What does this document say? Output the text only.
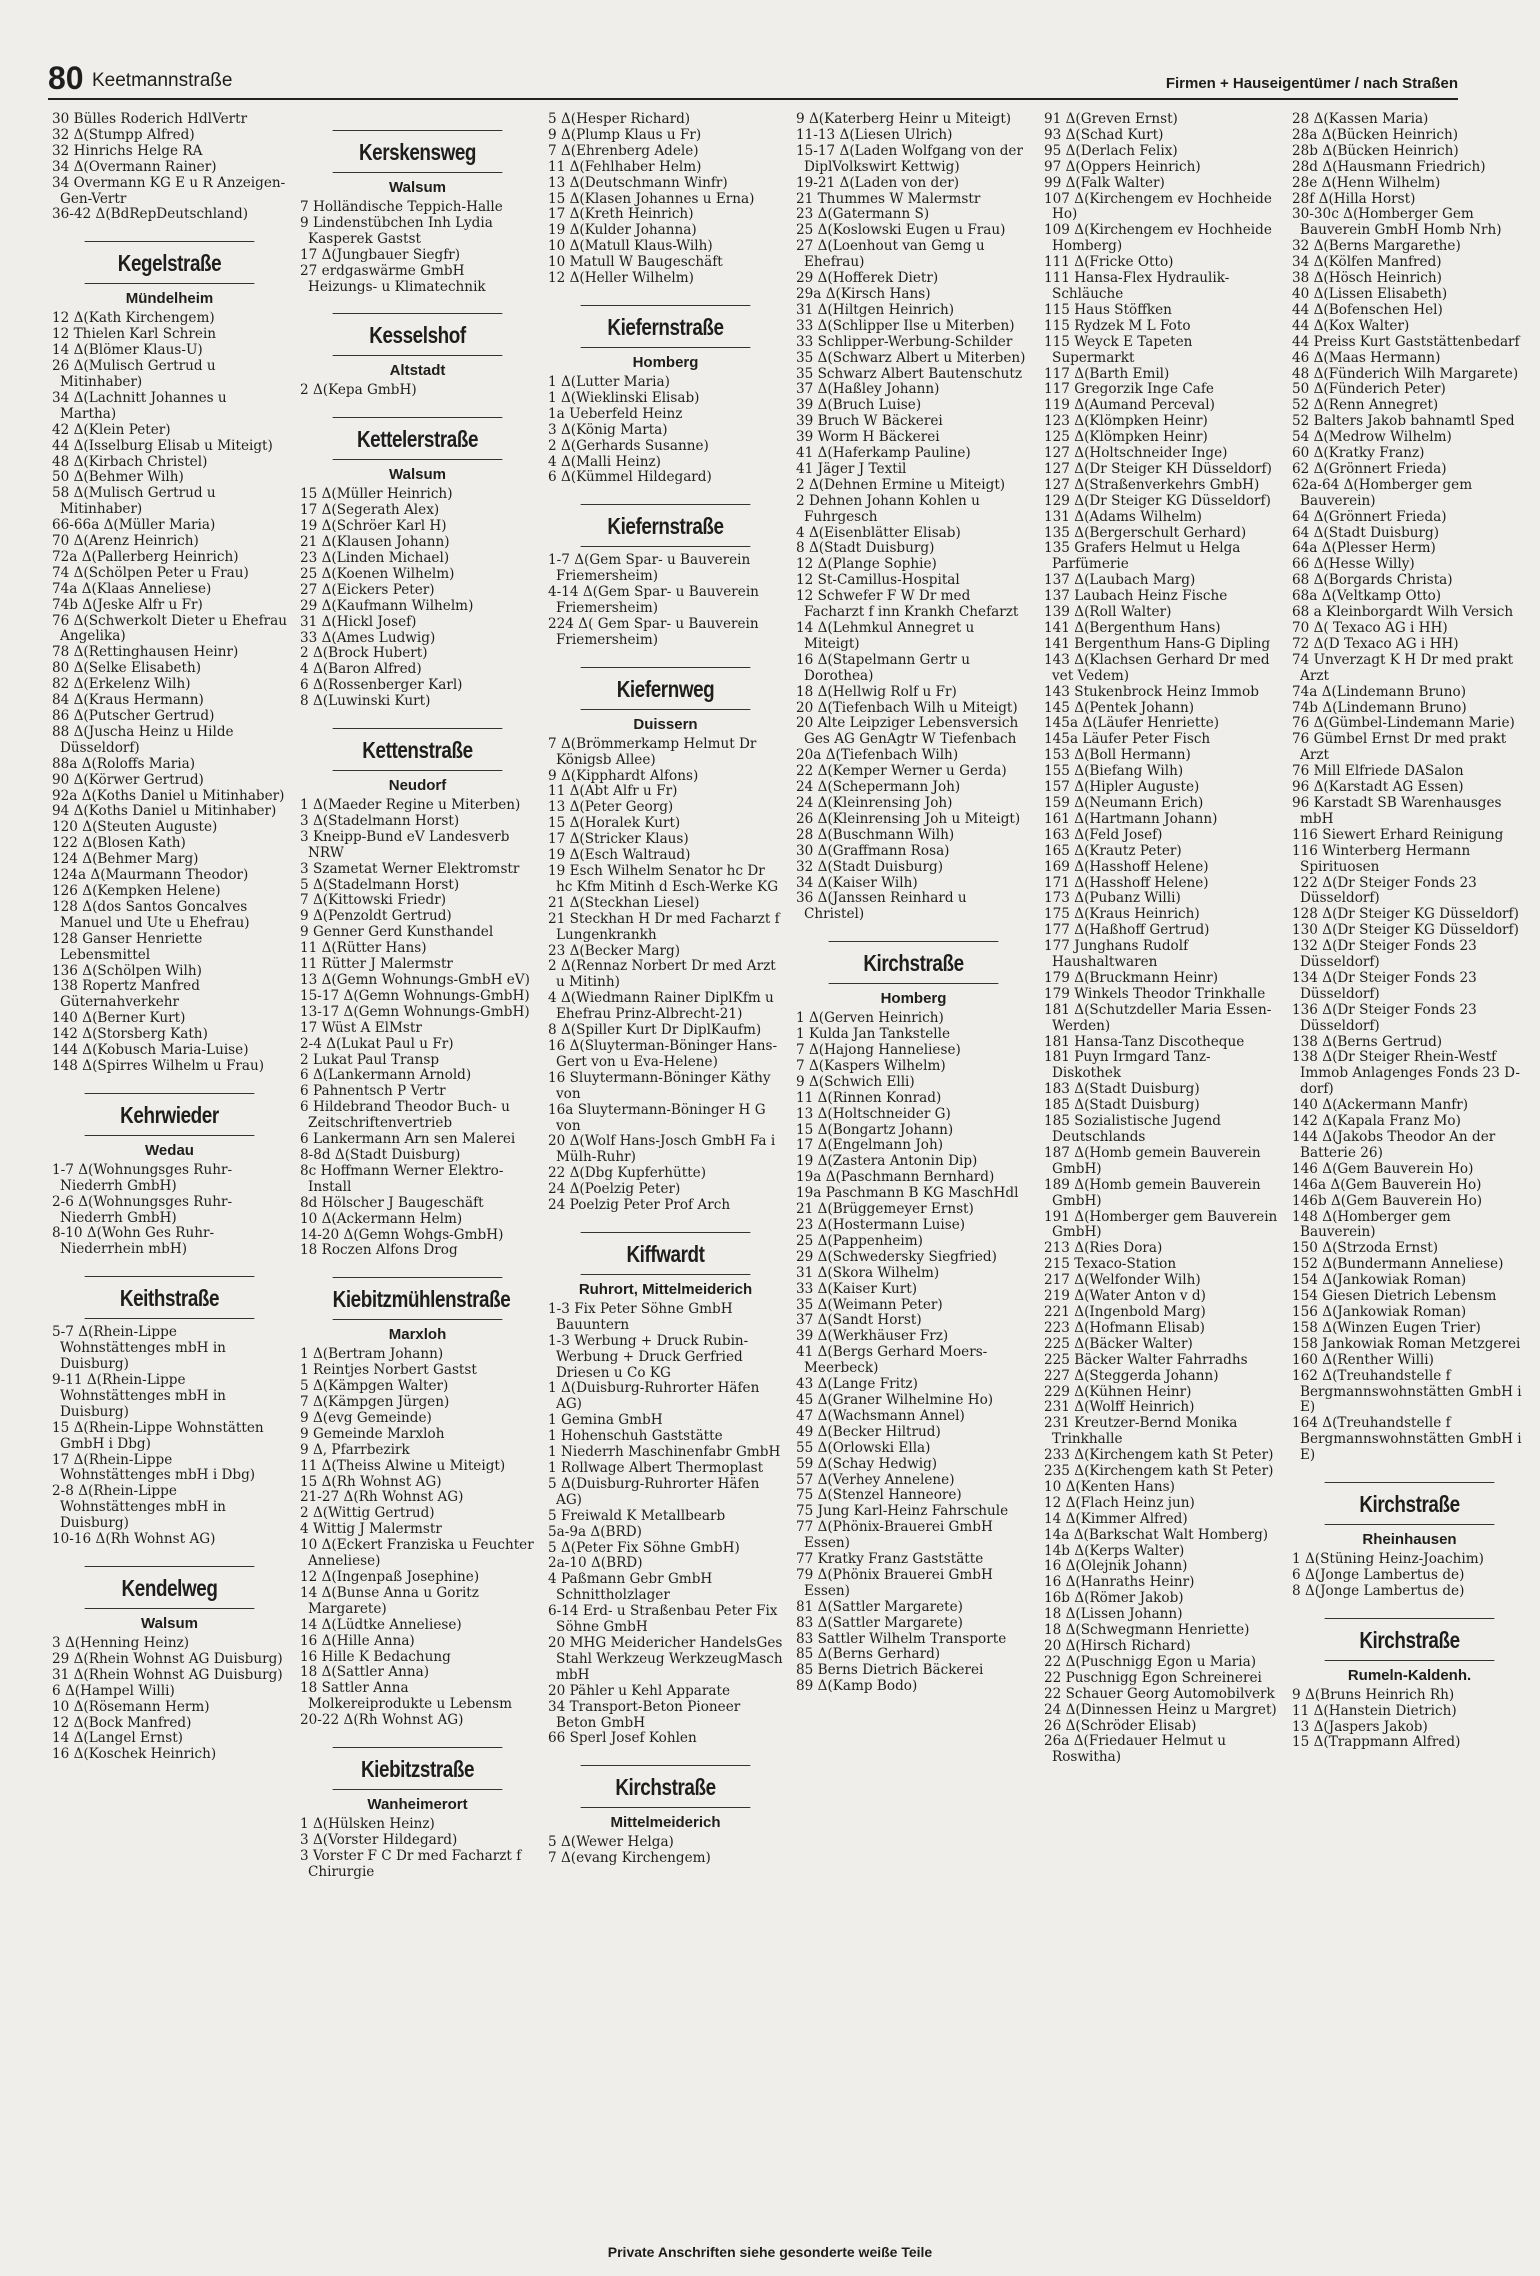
80 Keetmannstraße	Firmen + Hauseigentümer / nach Straßen
30 Bülles Roderich HdlVertr
32 Δ(Stumpp Alfred)
32 Hinrichs Helge RA
34 Δ(Overmann Rainer)
34 Overmann KG E u R Anzeigen-Gen-Vertr
36-42 Δ(BdRepDeutschland)
Kegelstraße
Mündelheim
12 Δ(Kath Kirchengem)
12 Thielen Karl Schrein
14 Δ(Blömer Klaus-U)
26 Δ(Mulisch Gertrud u Mitinhaber)
34 Δ(Lachnitt Johannes u Martha)
42 Δ(Klein Peter)
44 Δ(Isselburg Elisab u Miteigt)
48 Δ(Kirbach Christel)
50 Δ(Behmer Wilh)
58 Δ(Mulisch Gertrud u Mitinhaber)
66-66a Δ(Müller Maria)
70 Δ(Arenz Heinrich)
72a Δ(Pallerberg Heinrich)
74 Δ(Schölpen Peter u Frau)
74a Δ(Klaas Anneliese)
74b Δ(Jeske Alfr u Fr)
76 Δ(Schwerkolt Dieter u Ehefrau Angelika)
78 Δ(Rettinghausen Heinr)
80 Δ(Selke Elisabeth)
82 Δ(Erkelenz Wilh)
84 Δ(Kraus Hermann)
86 Δ(Putscher Gertrud)
88 Δ(Juscha Heinz u Hilde Düsseldorf)
88a Δ(Roloffs Maria)
90 Δ(Körwer Gertrud)
92a Δ(Koths Daniel u Mitinhaber)
94 Δ(Koths Daniel u Mitinhaber)
120 Δ(Steuten Auguste)
122 Δ(Blosen Kath)
124 Δ(Behmer Marg)
124a Δ(Maurmann Theodor)
126 Δ(Kempken Helene)
128 Δ(dos Santos Goncalves Manuel und Ute u Ehefrau)
128 Ganser Henriette Lebensmittel
136 Δ(Schölpen Wilh)
138 Ropertz Manfred Güternahverkehr
140 Δ(Berner Kurt)
142 Δ(Storsberg Kath)
144 Δ(Kobusch Maria-Luise)
148 Δ(Spirres Wilhelm u Frau)
Kehrwieder
Wedau
1-7 Δ(Wohnungsges Ruhr-Niederrh GmbH)
2-6 Δ(Wohnungsges Ruhr-Niederrh GmbH)
8-10 Δ(Wohn Ges Ruhr-Niederrhein mbH)
Keithstraße
5-7 Δ(Rhein-Lippe Wohnstättenges mbH in Duisburg)
9-11 Δ(Rhein-Lippe Wohnstättenges mbH in Duisburg)
15 Δ(Rhein-Lippe Wohnstätten GmbH i Dbg)
17 Δ(Rhein-Lippe Wohnstättenges mbH i Dbg)
2-8 Δ(Rhein-Lippe Wohnstättenges mbH in Duisburg)
10-16 Δ(Rh Wohnst AG)
Kendelweg
Walsum
3 Δ(Henning Heinz)
29 Δ(Rhein Wohnst AG Duisburg)
31 Δ(Rhein Wohnst AG Duisburg)
6 Δ(Hampel Willi)
10 Δ(Rösemann Herm)
12 Δ(Bock Manfred)
14 Δ(Langel Ernst)
16 Δ(Koschek Heinrich)
Kerskensweg
Walsum
7 Holländische Teppich-Halle
9 Lindenstübchen Inh Lydia Kasperek Gastst
17 Δ(Jungbauer Siegfr)
27 erdgaswärme GmbH Heizungs- u Klimatechnik
Kesselshof
Altstadt
2 Δ(Kepa GmbH)
Kettelerstraße
Walsum
15 Δ(Müller Heinrich)
17 Δ(Segerath Alex)
19 Δ(Schröer Karl H)
21 Δ(Klausen Johann)
23 Δ(Linden Michael)
25 Δ(Koenen Wilhelm)
27 Δ(Eickers Peter)
29 Δ(Kaufmann Wilhelm)
31 Δ(Hickl Josef)
33 Δ(Ames Ludwig)
2 Δ(Brock Hubert)
4 Δ(Baron Alfred)
6 Δ(Rossenberger Karl)
8 Δ(Luwinski Kurt)
Kettenstraße
Neudorf
1 Δ(Maeder Regine u Miterben)
3 Δ(Stadelmann Horst)
3 Kneipp-Bund eV Landesverb NRW
3 Szametat Werner Elektromstr
5 Δ(Stadelmann Horst)
7 Δ(Kittowski Friedr)
9 Δ(Penzoldt Gertrud)
9 Genner Gerd Kunsthandel
11 Δ(Rütter Hans)
11 Rütter J Malermstr
13 Δ(Gemn Wohnungs-GmbH eV)
15-17 Δ(Gemn Wohnungs-GmbH)
13-17 Δ(Gemn Wohnungs-GmbH)
17 Wüst A ElMstr
2-4 Δ(Lukat Paul u Fr)
2 Lukat Paul Transp
6 Δ(Lankermann Arnold)
6 Pahnentsch P Vertr
6 Hildebrand Theodor Buch- u Zeitschriftenvertrieb
6 Lankermann Arn sen Malerei
8-8d Δ(Stadt Duisburg)
8c Hoffmann Werner Elektro-Install
8d Hölscher J Baugeschäft
10 Δ(Ackermann Helm)
14-20 Δ(Gemn Wohgs-GmbH)
18 Roczen Alfons Drog
Kiebitzmühlenstraße
Marxloh
1 Δ(Bertram Johann)
1 Reintjes Norbert Gastst
5 Δ(Kämpgen Walter)
7 Δ(Kämpgen Jürgen)
9 Δ(evg Gemeinde)
9 Gemeinde Marxloh
9 Δ, Pfarrbezirk
11 Δ(Theiss Alwine u Miteigt)
15 Δ(Rh Wohnst AG)
21-27 Δ(Rh Wohnst AG)
2 Δ(Wittig Gertrud)
4 Wittig J Malermstr
10 Δ(Eckert Franziska u Feuchter Anneliese)
12 Δ(Ingenpaß Josephine)
14 Δ(Bunse Anna u Goritz Margarete)
14 Δ(Lüdtke Anneliese)
16 Δ(Hille Anna)
16 Hille K Bedachung
18 Δ(Sattler Anna)
18 Sattler Anna Molkereiprodukte u Lebensm
20-22 Δ(Rh Wohnst AG)
Kiebitzstraße
Wanheimerort
1 Δ(Hülsken Heinz)
3 Δ(Vorster Hildegard)
3 Vorster F C Dr med Facharzt f Chirurgie
5 Δ(Hesper Richard)
9 Δ(Plump Klaus u Fr)
7 Δ(Ehrenberg Adele)
11 Δ(Fehlhaber Helm)
13 Δ(Deutschmann Winfr)
15 Δ(Klasen Johannes u Erna)
17 Δ(Kreth Heinrich)
19 Δ(Kulder Johanna)
10 Δ(Matull Klaus-Wilh)
10 Matull W Baugeschäft
12 Δ(Heller Wilhelm)
Kiefernstraße
Homberg
1 Δ(Lutter Maria)
1 Δ(Wieklinski Elisab)
1a Ueberfeld Heinz
3 Δ(König Marta)
2 Δ(Gerhards Susanne)
4 Δ(Malli Heinz)
6 Δ(Kümmel Hildegard)
Kiefernstraße
1-7 Δ(Gem Spar- u Bauverein Friemersheim)
4-14 Δ(Gem Spar- u Bauverein Friemersheim)
224 Δ( Gem Spar- u Bauverein Friemersheim)
Kiefernweg
Duissern
7 Δ(Brömmerkamp Helmut Dr Königsb Allee)
9 Δ(Kipphardt Alfons)
11 Δ(Abt Alfr u Fr)
13 Δ(Peter Georg)
15 Δ(Horalek Kurt)
17 Δ(Stricker Klaus)
19 Δ(Esch Waltraud)
19 Esch Wilhelm Senator hc Dr hc Kfm Mitinh d Esch-Werke KG
21 Δ(Steckhan Liesel)
21 Steckhan H Dr med Facharzt f Lungenkrankh
23 Δ(Becker Marg)
2 Δ(Rennaz Norbert Dr med Arzt u Mitinh)
4 Δ(Wiedmann Rainer DiplKfm u Ehefrau Prinz-Albrecht-21)
8 Δ(Spiller Kurt Dr DiplKaufm)
16 Δ(Sluyterman-Böninger Hans-Gert von u Eva-Helene)
16 Sluytermann-Böninger Käthy von
16a Sluytermann-Böninger H G von
20 Δ(Wolf Hans-Josch GmbH Fa i Mülh-Ruhr)
22 Δ(Dbg Kupferhütte)
24 Δ(Poelzig Peter)
24 Poelzig Peter Prof Arch
Kiffwardt
Ruhrort, Mittelmeiderich
1-3 Fix Peter Söhne GmbH Bauuntern
1-3 Werbung + Druck Rubin-Werbung + Druck Gerfried Driesen u Co KG
1 Δ(Duisburg-Ruhrorter Häfen AG)
1 Gemina GmbH
1 Hohenschuh Gaststätte
1 Niederrh Maschinenfabr GmbH
1 Rollwage Albert Thermoplast
5 Δ(Duisburg-Ruhrorter Häfen AG)
5 Freiwald K Metallbearb
5a-9a Δ(BRD)
5 Δ(Peter Fix Söhne GmbH)
2a-10 Δ(BRD)
4 Paßmann Gebr GmbH Schnittholzlager
6-14 Erd- u Straßenbau Peter Fix Söhne GmbH
20 MHG Meidericher HandelsGes Stahl Werkzeug WerkzeugMasch mbH
20 Pähler u Kehl Apparate
34 Transport-Beton Pioneer Beton GmbH
66 Sperl Josef Kohlen
Kirchstraße
Mittelmeiderich
5 Δ(Wewer Helga)
7 Δ(evang Kirchengem)
9 Δ(Katerberg Heinr u Miteigt)
11-13 Δ(Liesen Ulrich)
15-17 Δ(Laden Wolfgang von der DiplVolkswirt Kettwig)
19-21 Δ(Laden von der)
21 Thummes W Malermstr
23 Δ(Gatermann S)
25 Δ(Koslowski Eugen u Frau)
27 Δ(Loenhout van Gemg u Ehefrau)
29 Δ(Hofferek Dietr)
29a Δ(Kirsch Hans)
31 Δ(Hiltgen Heinrich)
33 Δ(Schlipper Ilse u Miterben)
33 Schlipper-Werbung-Schilder
35 Δ(Schwarz Albert u Miterben)
35 Schwarz Albert Bautenschutz
37 Δ(Haßley Johann)
39 Δ(Bruch Luise)
39 Bruch W Bäckerei
39 Worm H Bäckerei
41 Δ(Haferkamp Pauline)
41 Jäger J Textil
2 Δ(Dehnen Ermine u Miteigt)
2 Dehnen Johann Kohlen u Fuhrgesch
4 Δ(Eisenblätter Elisab)
8 Δ(Stadt Duisburg)
12 Δ(Plange Sophie)
12 St-Camillus-Hospital
12 Schwefer F W Dr med Facharzt f inn Krankh Chefarzt
14 Δ(Lehmkul Annegret u Miteigt)
16 Δ(Stapelmann Gertr u Dorothea)
18 Δ(Hellwig Rolf u Fr)
20 Δ(Tiefenbach Wilh u Miteigt)
20 Alte Leipziger Lebensversich Ges AG GenAgtr W Tiefenbach
20a Δ(Tiefenbach Wilh)
22 Δ(Kemper Werner u Gerda)
24 Δ(Schepermann Joh)
24 Δ(Kleinrensing Joh)
26 Δ(Kleinrensing Joh u Miteigt)
28 Δ(Buschmann Wilh)
30 Δ(Graffmann Rosa)
32 Δ(Stadt Duisburg)
34 Δ(Kaiser Wilh)
36 Δ(Janssen Reinhard u Christel)
Kirchstraße
Homberg
1 Δ(Gerven Heinrich)
1 Kulda Jan Tankstelle
7 Δ(Hajong Hanneliese)
7 Δ(Kaspers Wilhelm)
9 Δ(Schwich Elli)
11 Δ(Rinnen Konrad)
13 Δ(Holtschneider G)
15 Δ(Bongartz Johann)
17 Δ(Engelmann Joh)
19 Δ(Zastera Antonin Dip)
19a Δ(Paschmann Bernhard)
19a Paschmann B KG MaschHdl
21 Δ(Brüggemeyer Ernst)
23 Δ(Hostermann Luise)
25 Δ(Pappenheim)
29 Δ(Schwedersky Siegfried)
31 Δ(Skora Wilhelm)
33 Δ(Kaiser Kurt)
35 Δ(Weimann Peter)
37 Δ(Sandt Horst)
39 Δ(Werkhäuser Frz)
41 Δ(Bergs Gerhard Moers-Meerbeck)
43 Δ(Lange Fritz)
45 Δ(Graner Wilhelmine Ho)
47 Δ(Wachsmann Annel)
49 Δ(Becker Hiltrud)
55 Δ(Orlowski Ella)
59 Δ(Schay Hedwig)
57 Δ(Verhey Annelene)
75 Δ(Stenzel Hanneore)
75 Jung Karl-Heinz Fahrschule
77 Δ(Phönix-Brauerei GmbH Essen)
77 Kratky Franz Gaststätte
79 Δ(Phönix Brauerei GmbH Essen)
81 Δ(Sattler Margarete)
83 Δ(Sattler Margarete)
83 Sattler Wilhelm Transporte
85 Δ(Berns Gerhard)
85 Berns Dietrich Bäckerei
89 Δ(Kamp Bodo)
91 Δ(Greven Ernst)
93 Δ(Schad Kurt)
95 Δ(Derlach Felix)
97 Δ(Oppers Heinrich)
99 Δ(Falk Walter)
107 Δ(Kirchengem ev Hochheide Ho)
109 Δ(Kirchengem ev Hochheide Homberg)
111 Δ(Fricke Otto)
111 Hansa-Flex Hydraulik-Schläuche
115 Haus Stöffken
115 Rydzek M L Foto
115 Weyck E Tapeten Supermarkt
117 Δ(Barth Emil)
117 Gregorzik Inge Cafe
119 Δ(Aumand Perceval)
123 Δ(Klömpken Heinr)
125 Δ(Klömpken Heinr)
127 Δ(Holtschneider Inge)
127 Δ(Dr Steiger KH Düsseldorf)
127 Δ(Straßenverkehrs GmbH)
129 Δ(Dr Steiger KG Düsseldorf)
131 Δ(Adams Wilhelm)
135 Δ(Bergerschult Gerhard)
135 Grafers Helmut u Helga Parfümerie
137 Δ(Laubach Marg)
137 Laubach Heinz Fische
139 Δ(Roll Walter)
141 Δ(Bergenthum Hans)
141 Bergenthum Hans-G Dipling
143 Δ(Klachsen Gerhard Dr med vet Vedem)
143 Stukenbrock Heinz Immob
145 Δ(Pentek Johann)
145a Δ(Läufer Henriette)
145a Läufer Peter Fisch
153 Δ(Boll Hermann)
155 Δ(Biefang Wilh)
157 Δ(Hipler Auguste)
159 Δ(Neumann Erich)
161 Δ(Hartmann Johann)
163 Δ(Feld Josef)
165 Δ(Krautz Peter)
169 Δ(Hasshoff Helene)
171 Δ(Hasshoff Helene)
173 Δ(Pubanz Willi)
175 Δ(Kraus Heinrich)
177 Δ(Haßhoff Gertrud)
177 Junghans Rudolf Haushaltwaren
179 Δ(Bruckmann Heinr)
179 Winkels Theodor Trinkhalle
181 Δ(Schutzdeller Maria Essen-Werden)
181 Hansa-Tanz Discotheque
181 Puyn Irmgard Tanz-Diskothek
183 Δ(Stadt Duisburg)
185 Δ(Stadt Duisburg)
185 Sozialistische Jugend Deutschlands
187 Δ(Homb gemein Bauverein GmbH)
189 Δ(Homb gemein Bauverein GmbH)
191 Δ(Homberger gem Bauverein GmbH)
213 Δ(Ries Dora)
215 Texaco-Station
217 Δ(Welfonder Wilh)
219 Δ(Water Anton v d)
221 Δ(Ingenbold Marg)
223 Δ(Hofmann Elisab)
225 Δ(Bäcker Walter)
225 Bäcker Walter Fahrradhs
227 Δ(Steggerda Johann)
229 Δ(Kühnen Heinr)
231 Δ(Wolff Heinrich)
231 Kreutzer-Bernd Monika Trinkhalle
233 Δ(Kirchengem kath St Peter)
235 Δ(Kirchengem kath St Peter)
10 Δ(Kenten Hans)
12 Δ(Flach Heinz jun)
14 Δ(Kimmer Alfred)
14a Δ(Barkschat Walt Homberg)
14b Δ(Kerps Walter)
16 Δ(Olejnik Johann)
16 Δ(Hanraths Heinr)
16b Δ(Römer Jakob)
18 Δ(Lissen Johann)
18 Δ(Schwegmann Henriette)
20 Δ(Hirsch Richard)
22 Δ(Puschnigg Egon u Maria)
22 Puschnigg Egon Schreinerei
22 Schauer Georg Automobilverk
24 Δ(Dinnessen Heinz u Margret)
26 Δ(Schröder Elisab)
26a Δ(Friedauer Helmut u Roswitha)
28 Δ(Kassen Maria)
28a Δ(Bücken Heinrich)
28b Δ(Bücken Heinrich)
28d Δ(Hausmann Friedrich)
28e Δ(Henn Wilhelm)
28f Δ(Hilla Horst)
30-30c Δ(Homberger Gem Bauverein GmbH Homb Nrh)
32 Δ(Berns Margarethe)
34 Δ(Kölfen Manfred)
38 Δ(Hösch Heinrich)
40 Δ(Lissen Elisabeth)
44 Δ(Bofenschen Hel)
44 Δ(Kox Walter)
44 Preiss Kurt Gaststättenbedarf
46 Δ(Maas Hermann)
48 Δ(Fünderich Wilh Margarete)
50 Δ(Fünderich Peter)
52 Δ(Renn Annegret)
52 Balters Jakob bahnamtl Sped
54 Δ(Medrow Wilhelm)
60 Δ(Kratky Franz)
62 Δ(Grönnert Frieda)
62a-64 Δ(Homberger gem Bauverein)
64 Δ(Grönnert Frieda)
64 Δ(Stadt Duisburg)
64a Δ(Plesser Herm)
66 Δ(Hesse Willy)
68 Δ(Borgards Christa)
68a Δ(Veltkamp Otto)
68 a Kleinborgardt Wilh Versich
70 Δ( Texaco AG i HH)
72 Δ(D Texaco AG i HH)
74 Unverzagt K H Dr med prakt Arzt
74a Δ(Lindemann Bruno)
74b Δ(Lindemann Bruno)
76 Δ(Gümbel-Lindemann Marie)
76 Gümbel Ernst Dr med prakt Arzt
76 Mill Elfriede DASalon
96 Δ(Karstadt AG Essen)
96 Karstadt SB Warenhausges mbH
116 Siewert Erhard Reinigung
116 Winterberg Hermann Spirituosen
122 Δ(Dr Steiger Fonds 23 Düsseldorf)
128 Δ(Dr Steiger KG Düsseldorf)
130 Δ(Dr Steiger KG Düsseldorf)
132 Δ(Dr Steiger Fonds 23 Düsseldorf)
134 Δ(Dr Steiger Fonds 23 Düsseldorf)
136 Δ(Dr Steiger Fonds 23 Düsseldorf)
138 Δ(Berns Gertrud)
138 Δ(Dr Steiger Rhein-Westf Immob Anlagenges Fonds 23 D-dorf)
140 Δ(Ackermann Manfr)
142 Δ(Kapala Franz Mo)
144 Δ(Jakobs Theodor An der Batterie 26)
146 Δ(Gem Bauverein Ho)
146a Δ(Gem Bauverein Ho)
146b Δ(Gem Bauverein Ho)
148 Δ(Homberger gem Bauverein)
150 Δ(Strzoda Ernst)
152 Δ(Bundermann Anneliese)
154 Δ(Jankowiak Roman)
154 Giesen Dietrich Lebensm
156 Δ(Jankowiak Roman)
158 Δ(Winzen Eugen Trier)
158 Jankowiak Roman Metzgerei
160 Δ(Renther Willi)
162 Δ(Treuhandstelle f Bergmannswohnstätten GmbH i E)
164 Δ(Treuhandstelle f Bergmannswohnstätten GmbH i E)
Kirchstraße
Rheinhausen
1 Δ(Stüning Heinz-Joachim)
6 Δ(Jonge Lambertus de)
8 Δ(Jonge Lambertus de)
Kirchstraße
Rumeln-Kaldenh.
9 Δ(Bruns Heinrich Rh)
11 Δ(Hanstein Dietrich)
13 Δ(Jaspers Jakob)
15 Δ(Trappmann Alfred)
Private Anschriften siehe gesonderte weiße Teile
